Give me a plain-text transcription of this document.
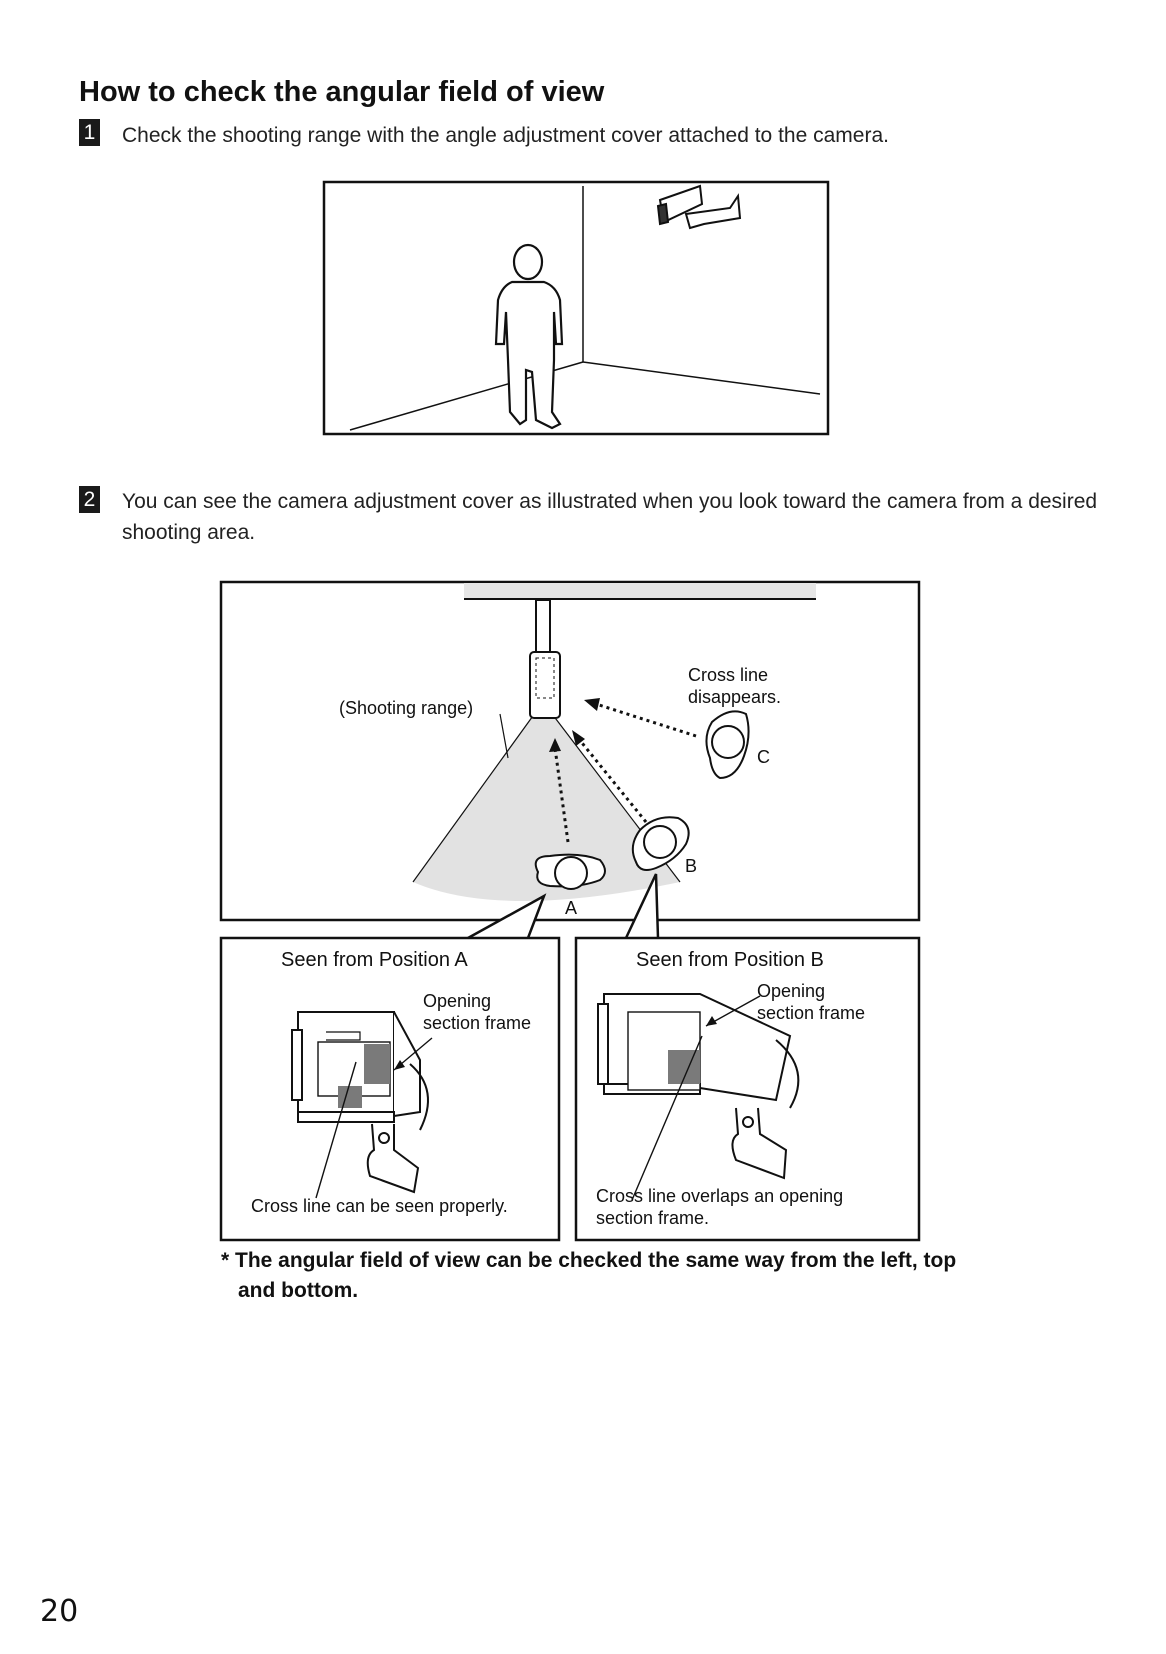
How to check the angular field of view
1 Check the shooting range with the angle adjustment cover attached to the camera.
2 You can see the camera adjustment cover as illustrated when you look toward the camera from a desired shooting area.
(Shooting range)
Cross line disappears.
C
B
A
Seen from Position A
Opening section frame
Cross line can be seen properly.
Seen from Position B
Opening section frame
Cross line overlaps an opening section frame.
* The angular field of view can be checked the same way from the left, top and bottom.
20
